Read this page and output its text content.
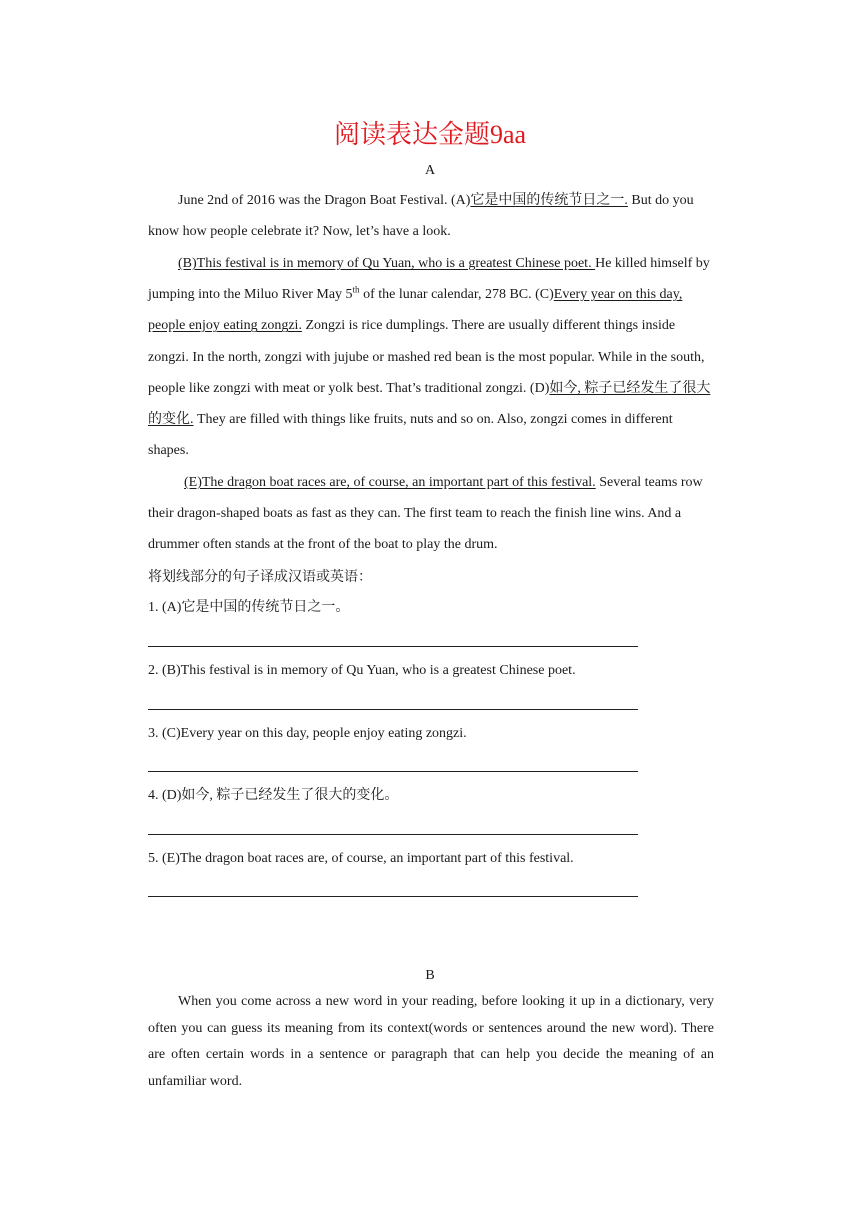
阅读表达金题9aa
A

June 2nd of 2016 was the Dragon Boat Festival. (A)它是中国的传统节日之一. But do you know how people celebrate it? Now, let’s have a look.

(B)This festival is in memory of Qu Yuan, who is a greatest Chinese poet. He killed himself by jumping into the Miluo River May 5th of the lunar calendar, 278 BC. (C)Every year on this day, people enjoy eating zongzi. Zongzi is rice dumplings. There are usually different things inside zongzi. In the north, zongzi with jujube or mashed red bean is the most popular. While in the south, people like zongzi with meat or yolk best. That’s traditional zongzi. (D)如今, 粽子已经发生了很大的变化. They are filled with things like fruits, nuts and so on. Also, zongzi comes in different shapes.

(E)The dragon boat races are, of course, an important part of this festival. Several teams row their dragon-shaped boats as fast as they can. The first team to reach the finish line wins. And a drummer often stands at the front of the boat to play the drum.

将划线部分的句子译成汉语或英语：
1. (A)它是中国的传统节日之一。
2. (B)This festival is in memory of Qu Yuan, who is a greatest Chinese poet.
3. (C)Every year on this day, people enjoy eating zongzi.
4. (D)如今, 粽子已经发生了很大的变化。
5. (E)The dragon boat races are, of course, an important part of this festival.
B

When you come across a new word in your reading, before looking it up in a dictionary, very often you can guess its meaning from its context(words or sentences around the new word). There are often certain words in a sentence or paragraph that can help you decide the meaning of an unfamiliar word.
